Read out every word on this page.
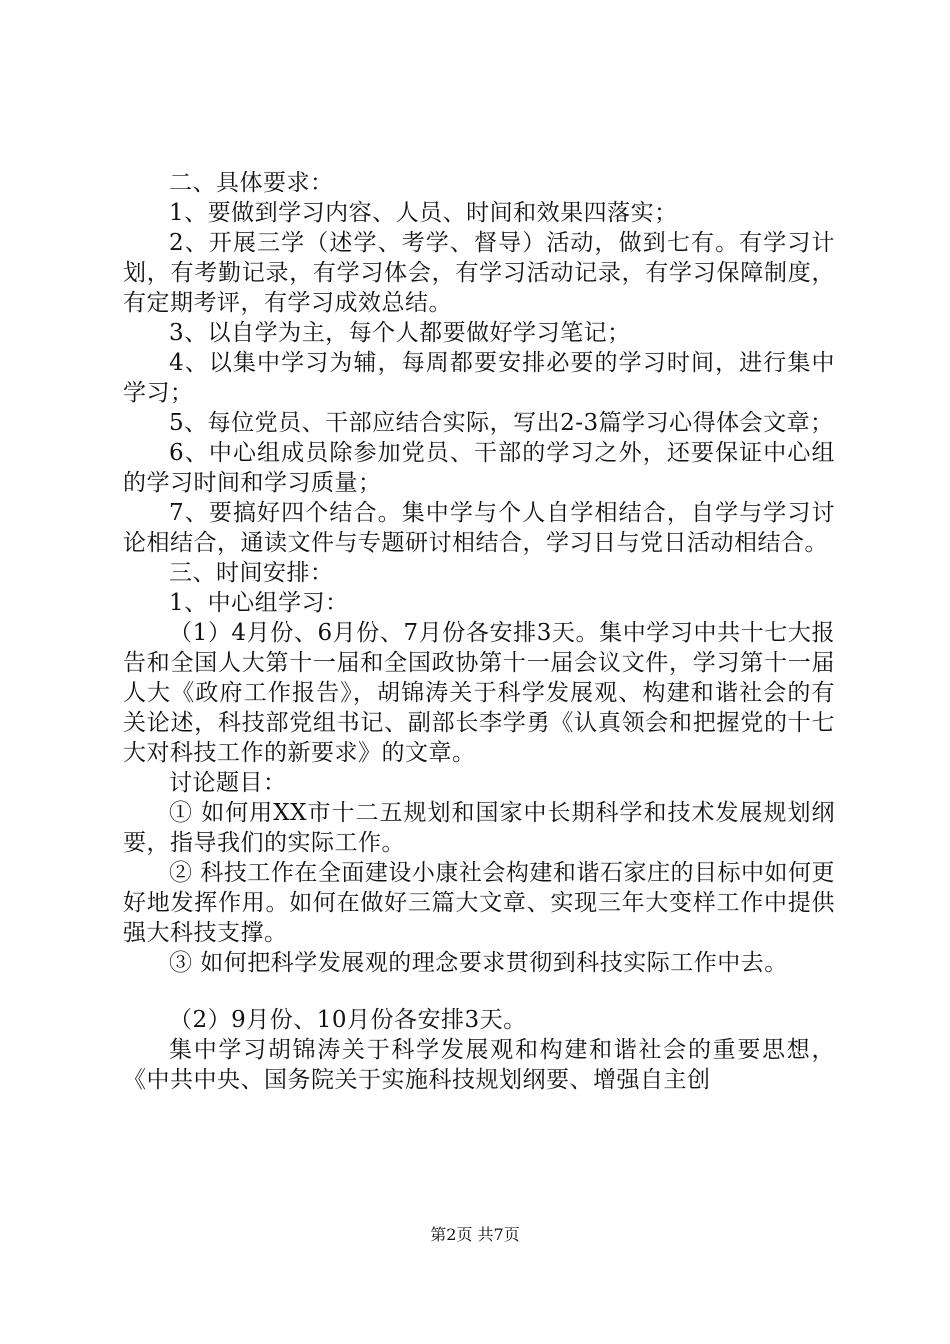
二、具体要求：

1、要做到学习内容、人员、时间和效果四落实；

2、开展三学（述学、考学、督导）活动，做到七有。有学习计划，有考勤记录，有学习体会，有学习活动记录，有学习保障制度，有定期考评，有学习成效总结。

3、以自学为主，每个人都要做好学习笔记；

4、以集中学习为辅，每周都要安排必要的学习时间，进行集中学习；

5、每位党员、干部应结合实际，写出2-3篇学习心得体会文章；

6、中心组成员除参加党员、干部的学习之外，还要保证中心组的学习时间和学习质量；

7、要搞好四个结合。集中学与个人自学相结合，自学与学习讨论相结合，通读文件与专题研讨相结合，学习日与党日活动相结合。

三、时间安排：

1、中心组学习：

（1）4月份、6月份、7月份各安排3天。集中学习中共十七大报告和全国人大第十一届和全国政协第十一届会议文件，学习第十一届人大《政府工作报告》，胡锦涛关于科学发展观、构建和谐社会的有关论述，科技部党组书记、副部长李学勇《认真领会和把握党的十七大对科技工作的新要求》的文章。

讨论题目：

① 如何用XX市十二五规划和国家中长期科学和技术发展规划纲要，指导我们的实际工作。

② 科技工作在全面建设小康社会构建和谐石家庄的目标中如何更好地发挥作用。如何在做好三篇大文章、实现三年大变样工作中提供强大科技支撑。

③ 如何把科学发展观的理念要求贯彻到科技实际工作中去。

（2）9月份、10月份各安排3天。

集中学习胡锦涛关于科学发展观和构建和谐社会的重要思想，《中共中央、国务院关于实施科技规划纲要、增强自主创

第2页 共7页
